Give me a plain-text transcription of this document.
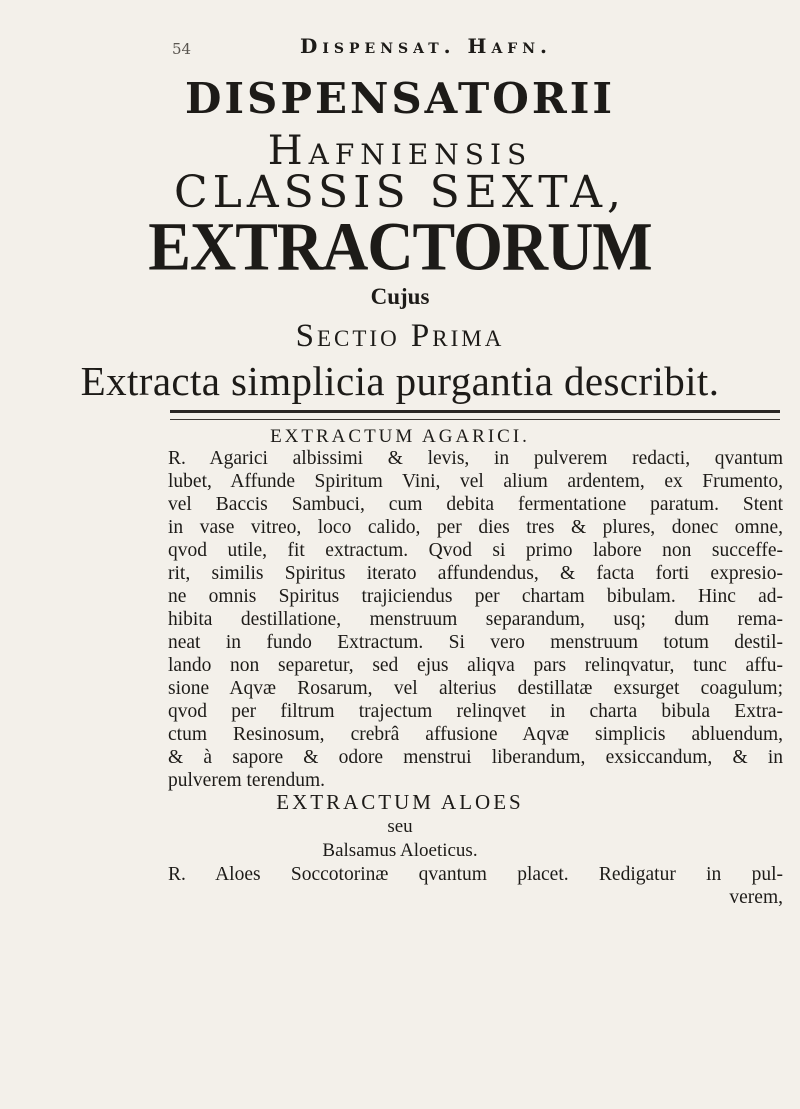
54	Dispensat. Hafn.
DISPENSATORII
Hafniensis
CLASSIS SEXTA,
EXTRACTORUM
Cujus
Sectio Prima
Extracta simplicia purgantia describit.
EXTRACTUM AGARICI.
R. Agarici albissimi & levis, in pulverem redacti, qvantum
lubet, Affunde Spiritum Vini, vel alium ardentem, ex Frumento,
vel Baccis Sambuci, cum debita fermentatione paratum. Stent
in vase vitreo, loco calido, per dies tres & plures, donec omne,
qvod utile, fit extractum. Qvod si primo labore non succeffe-
rit, similis Spiritus iterato affundendus, & facta forti expresio-
ne omnis Spiritus trajiciendus per chartam bibulam. Hinc ad-
hibita destillatione, menstruum separandum, usq; dum rema-
neat in fundo Extractum. Si vero menstruum totum destil-
lando non separetur, sed ejus aliqva pars relinqvatur, tunc affu-
sione Aqvæ Rosarum, vel alterius destillatæ exsurget coagulum;
qvod per filtrum trajectum relinqvet in charta bibula Extra-
ctum Resinosum, crebrâ affusione Aqvæ simplicis abluendum,
& à sapore & odore menstrui liberandum, exsiccandum, & in
pulverem terendum.
EXTRACTUM ALOES
seu
Balsamus Aloeticus.
R. Aloes Soccotorinæ qvantum placet. Redigatur in pul-
verem,
